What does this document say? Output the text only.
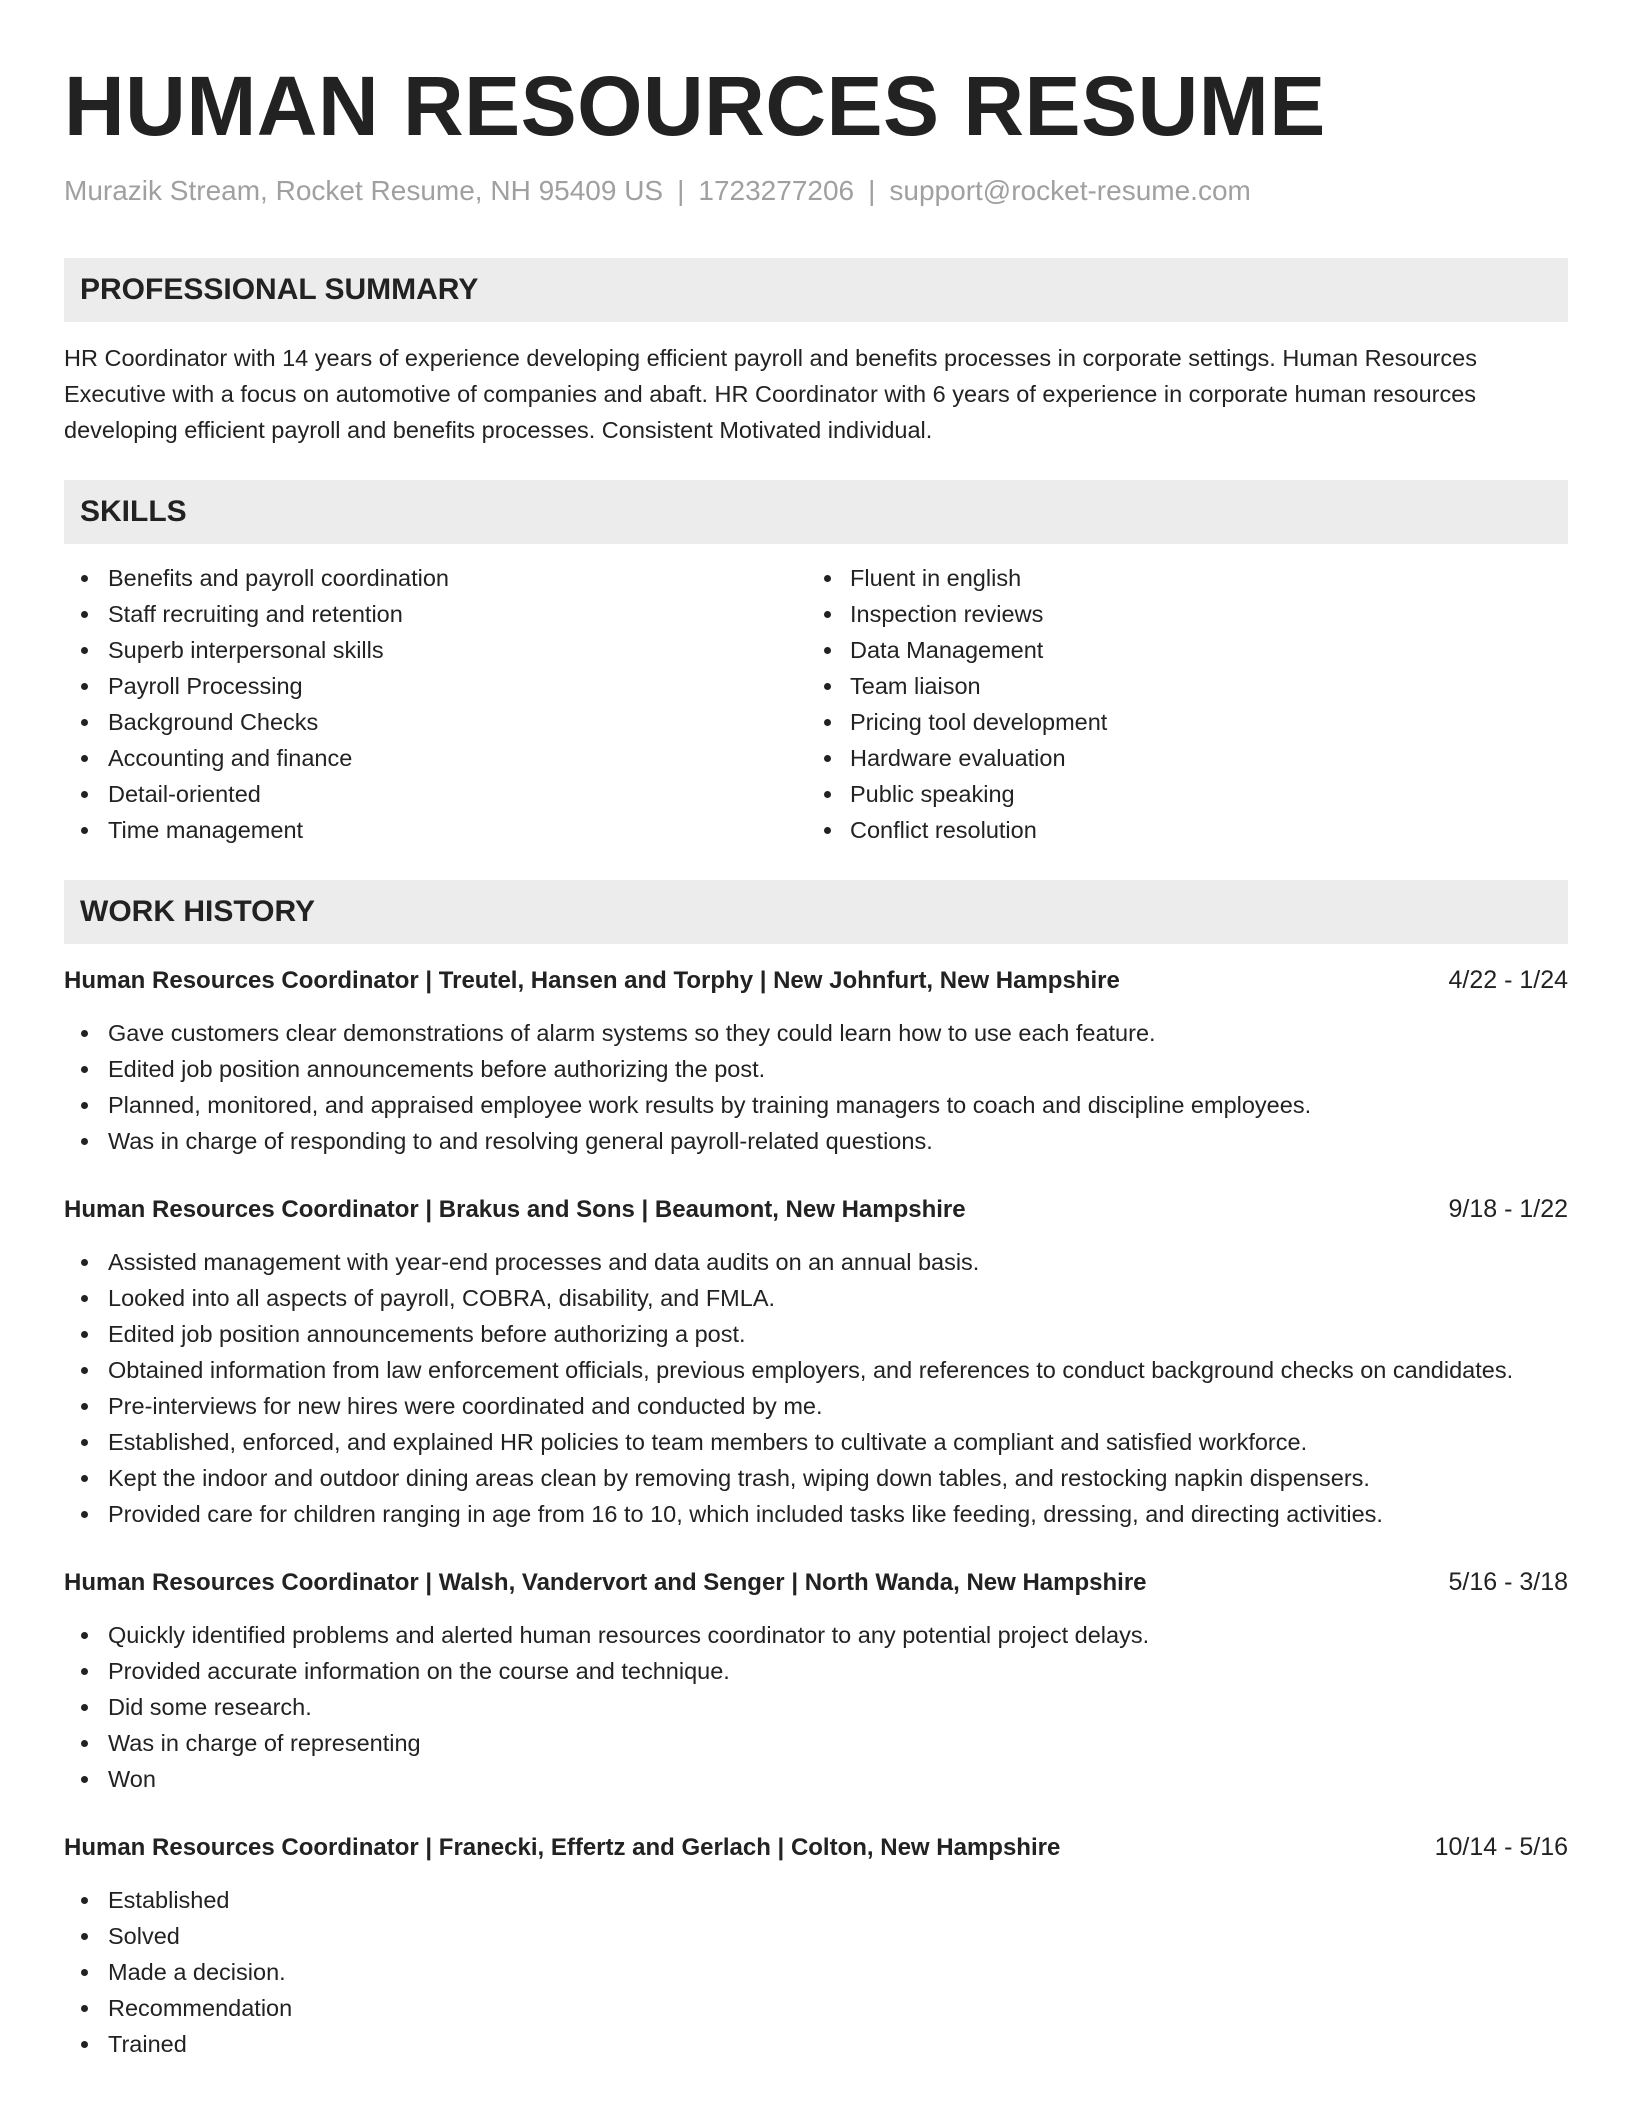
HUMAN RESOURCES RESUME
Murazik Stream, Rocket Resume, NH 95409 US | 1723277206 | support@rocket-resume.com
PROFESSIONAL SUMMARY

HR Coordinator with 14 years of experience developing efficient payroll and benefits processes in corporate settings. Human Resources Executive with a focus on automotive of companies and abaft. HR Coordinator with 6 years of experience in corporate human resources developing efficient payroll and benefits processes. Consistent Motivated individual.

SKILLS
Benefits and payroll coordination
Staff recruiting and retention
Superb interpersonal skills
Payroll Processing
Background Checks
Accounting and finance
Detail-oriented
Time management
Fluent in english
Inspection reviews
Data Management
Team liaison
Pricing tool development
Hardware evaluation
Public speaking
Conflict resolution
WORK HISTORY
Human Resources Coordinator | Treutel, Hansen and Torphy | New Johnfurt, New Hampshire	4/22 - 1/24
Gave customers clear demonstrations of alarm systems so they could learn how to use each feature.
Edited job position announcements before authorizing the post.
Planned, monitored, and appraised employee work results by training managers to coach and discipline employees.
Was in charge of responding to and resolving general payroll-related questions.
Human Resources Coordinator | Brakus and Sons | Beaumont, New Hampshire	9/18 - 1/22
Assisted management with year-end processes and data audits on an annual basis.
Looked into all aspects of payroll, COBRA, disability, and FMLA.
Edited job position announcements before authorizing a post.
Obtained information from law enforcement officials, previous employers, and references to conduct background checks on candidates.
Pre-interviews for new hires were coordinated and conducted by me.
Established, enforced, and explained HR policies to team members to cultivate a compliant and satisfied workforce.
Kept the indoor and outdoor dining areas clean by removing trash, wiping down tables, and restocking napkin dispensers.
Provided care for children ranging in age from 16 to 10, which included tasks like feeding, dressing, and directing activities.
Human Resources Coordinator | Walsh, Vandervort and Senger | North Wanda, New Hampshire	5/16 - 3/18
Quickly identified problems and alerted human resources coordinator to any potential project delays.
Provided accurate information on the course and technique.
Did some research.
Was in charge of representing
Won
Human Resources Coordinator | Franecki, Effertz and Gerlach | Colton, New Hampshire	10/14 - 5/16
Established
Solved
Made a decision.
Recommendation
Trained
